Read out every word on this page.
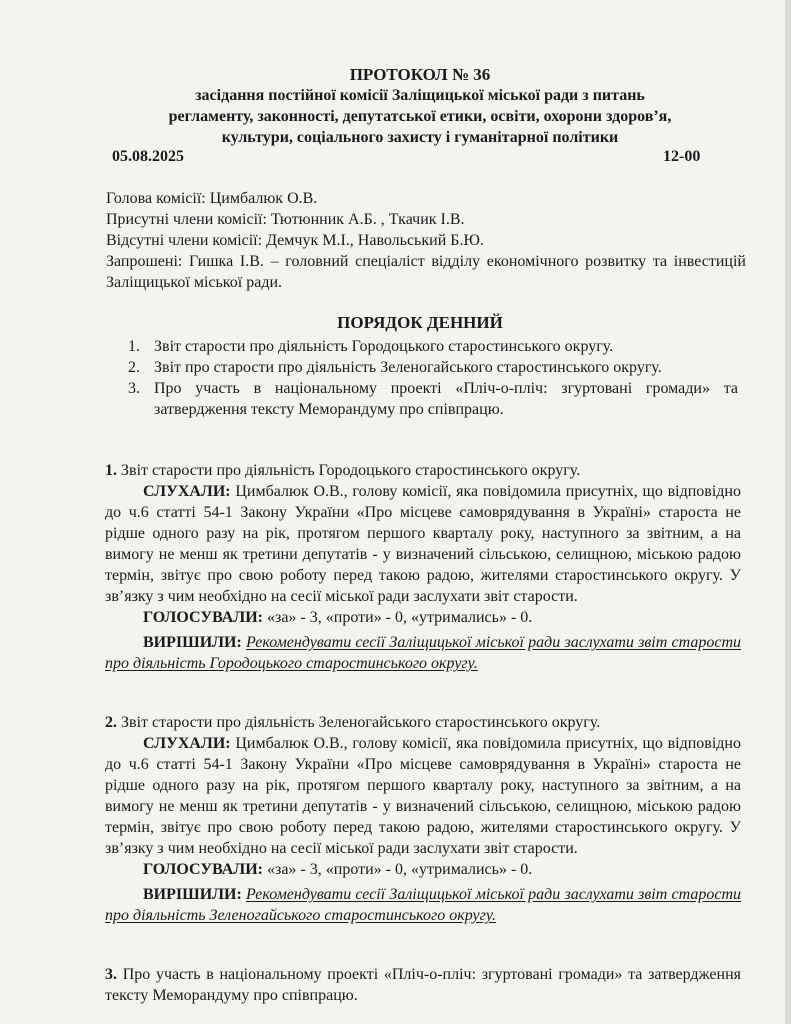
ПРОТОКОЛ № 36
засідання постійної комісії Заліщицької міської ради з питань
регламенту, законності, депутатської етики, освіти, охорони здоров’я,
культури, соціального захисту і гуманітарної політики
05.08.2025	12-00
Голова комісії: Цимбалюк О.В.
Присутні члени комісії: Тютюнник А.Б. , Ткачик І.В.
Відсутні члени комісії: Демчук М.І., Навольський Б.Ю.
Запрошені: Гишка І.В. – головний спеціаліст відділу економічного розвитку та інвестицій Заліщицької міської ради.
ПОРЯДОК ДЕННИЙ
1. Звіт старости про діяльність Городоцького старостинського округу.
2. Звіт про старости про діяльність Зеленогайського старостинського округу.
3. Про участь в національному проекті «Пліч-о-пліч: згуртовані громади» та затвердження тексту Меморандуму про співпрацю.
1. Звіт старости про діяльність Городоцького старостинського округу.
СЛУХАЛИ: Цимбалюк О.В., голову комісії, яка повідомила присутніх, що відповідно до ч.6 статті 54-1 Закону України «Про місцеве самоврядування в Україні» староста не рідше одного разу на рік, протягом першого кварталу року, наступного за звітним, а на вимогу не менш як третини депутатів - у визначений сільською, селищною, міською радою термін, звітує про свою роботу перед такою радою, жителями старостинського округу. У зв’язку з чим необхідно на сесії міської ради заслухати звіт старости.
ГОЛОСУВАЛИ: «за» - 3, «проти» - 0, «утримались» - 0.
ВИРІШИЛИ: Рекомендувати сесії Заліщицької міської ради заслухати звіт старости про діяльність Городоцького старостинського округу.
2. Звіт старости про діяльність Зеленогайського старостинського округу.
СЛУХАЛИ: Цимбалюк О.В., голову комісії, яка повідомила присутніх, що відповідно до ч.6 статті 54-1 Закону України «Про місцеве самоврядування в Україні» староста не рідше одного разу на рік, протягом першого кварталу року, наступного за звітним, а на вимогу не менш як третини депутатів - у визначений сільською, селищною, міською радою термін, звітує про свою роботу перед такою радою, жителями старостинського округу. У зв’язку з чим необхідно на сесії міської ради заслухати звіт старости.
ГОЛОСУВАЛИ: «за» - 3, «проти» - 0, «утримались» - 0.
ВИРІШИЛИ: Рекомендувати сесії Заліщицької міської ради заслухати звіт старости про діяльність Зеленогайського старостинського округу.
3. Про участь в національному проекті «Пліч-о-пліч: згуртовані громади» та затвердження тексту Меморандуму про співпрацю.
